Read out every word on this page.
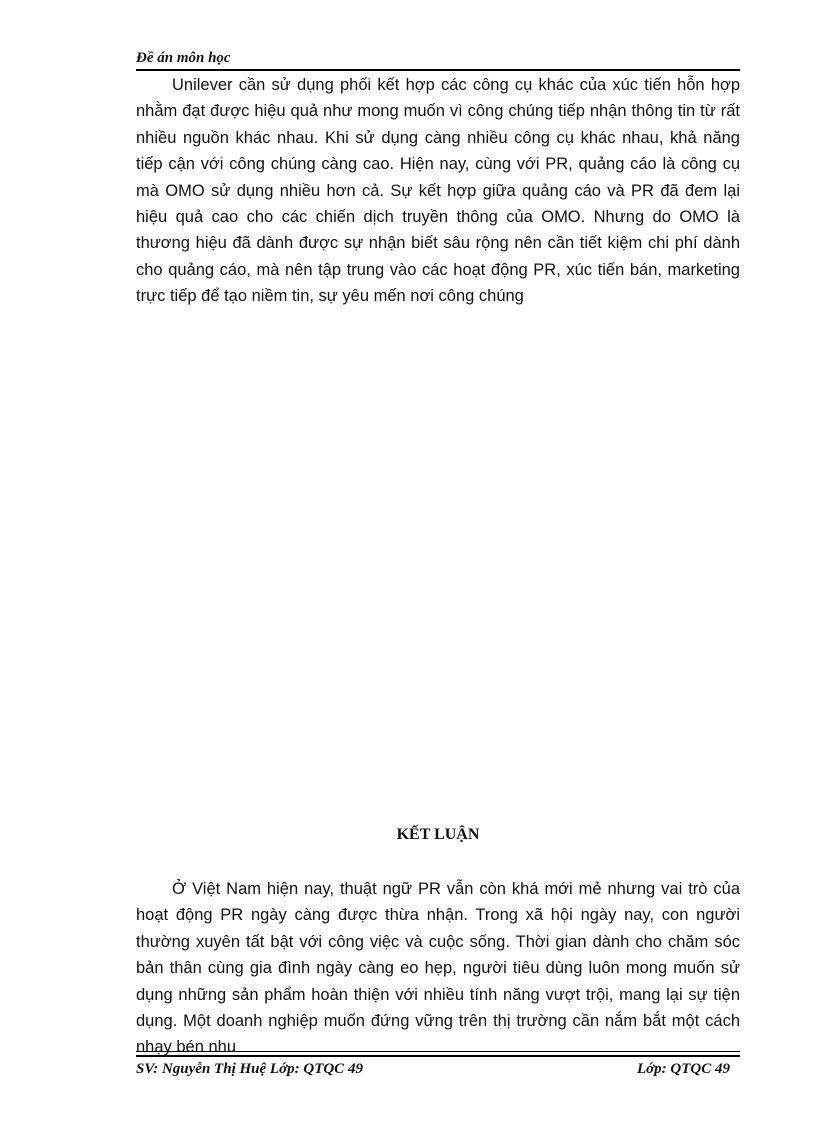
Đề án môn học

Unilever cần sử dụng phối kết hợp các công cụ khác của xúc tiến hỗn hợp nhằm đạt được hiệu quả như mong muốn vì công chúng tiếp nhận thông tin từ rất nhiều nguồn khác nhau. Khi sử dụng càng nhiều công cụ khác nhau, khả năng tiếp cận với công chúng càng cao. Hiện nay, cùng với PR, quảng cáo là công cụ mà OMO sử dụng nhiều hơn cả. Sự kết hợp giữa quảng cáo và PR đã đem lại hiệu quả cao cho các chiến dịch truyền thông của OMO. Nhưng do OMO là thương hiệu đã dành được sự nhận biết sâu rộng nên cần tiết kiệm chi phí dành cho quảng cáo, mà nên tập trung vào các hoạt động PR, xúc tiến bán, marketing trực tiếp để tạo niềm tin, sự yêu mến nơi công chúng

KẾT LUẬN

Ở Việt Nam hiện nay, thuật ngữ PR vẫn còn khá mới mẻ nhưng vai trò của hoạt động PR ngày càng được thừa nhận. Trong xã hội ngày nay, con người thường xuyên tất bật với công việc và cuộc sống. Thời gian dành cho chăm sóc bản thân cùng gia đình ngày càng eo hẹp, người tiêu dùng luôn mong muốn sử dụng những sản phẩm hoàn thiện với nhiều tính năng vượt trội, mang lại sự tiện dụng. Một doanh nghiệp muốn đứng vững trên thị trường cần nắm bắt một cách nhạy bén nhu

SV: Nguyễn Thị Huệ Lớp: QTQC 49	Lớp: QTQC 49
